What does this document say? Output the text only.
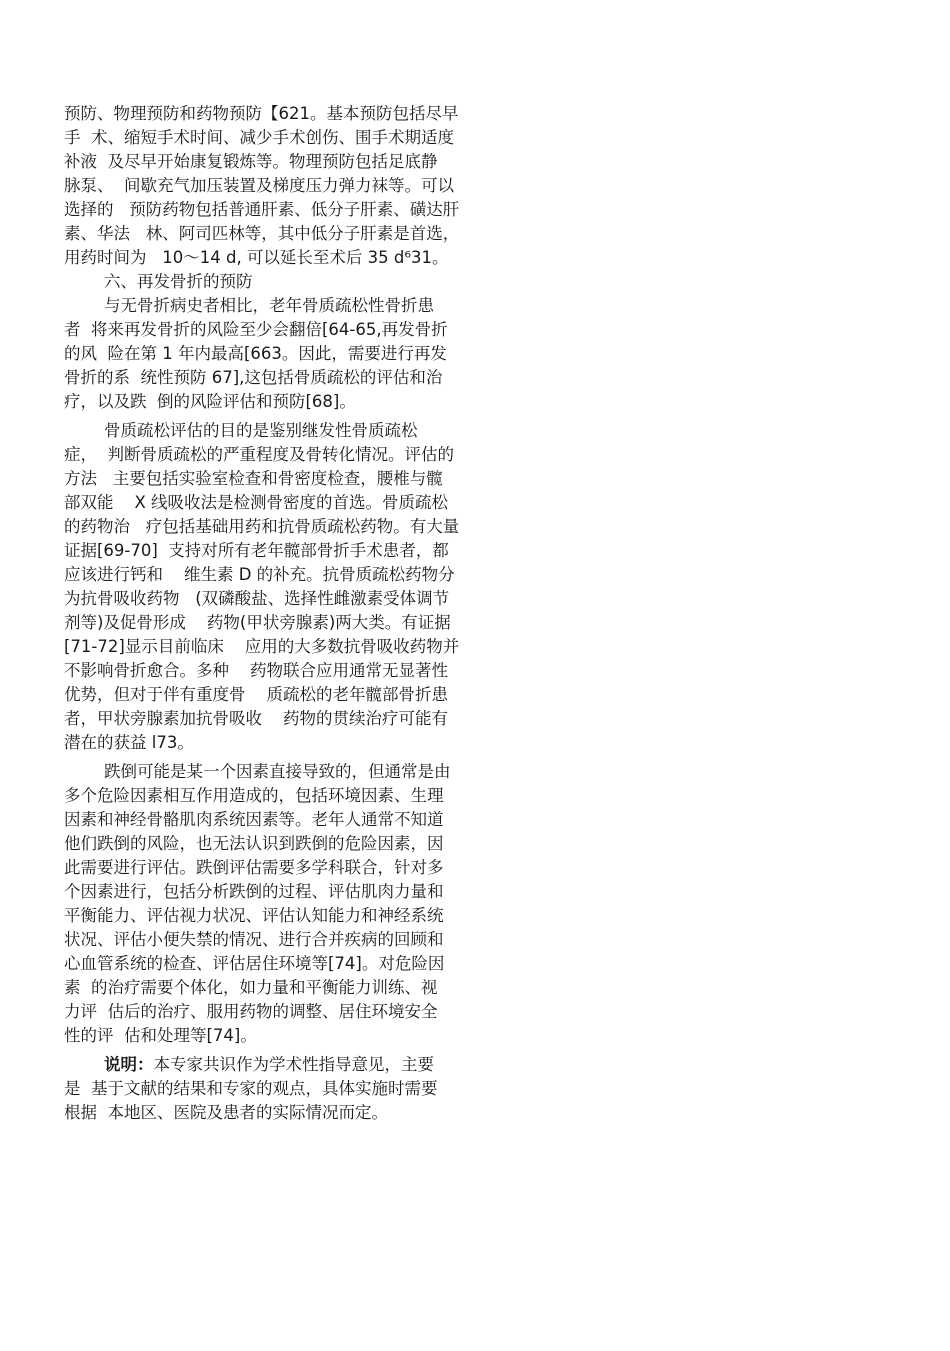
预防、物理预防和药物预防【621。基本预防包括尽早
手  术、缩短手术时间、减少手术创伤、围手术期适度
补液  及尽早开始康复锻炼等。物理预防包括足底静
脉泵、  间歇充气加压装置及梯度压力弹力袜等。可以
选择的   预防药物包括普通肝素、低分子肝素、磺达肝
素、华法   林、阿司匹林等，其中低分子肝素是首选，
用药时间为   10～14 d, 可以延长至术后 35 d⁶31。
六、再发骨折的预防
与无骨折病史者相比，老年骨质疏松性骨折患
者  将来再发骨折的风险至少会翻倍[64-65,再发骨折
的风  险在第 1 年内最高[663。因此，需要进行再发
骨折的系  统性预防 67],这包括骨质疏松的评估和治
疗，以及跌  倒的风险评估和预防[68]。
骨质疏松评估的目的是鉴别继发性骨质疏松
症，  判断骨质疏松的严重程度及骨转化情况。评估的
方法   主要包括实验室检查和骨密度检查，腰椎与髋
部双能    X 线吸收法是检测骨密度的首选。骨质疏松
的药物治   疗包括基础用药和抗骨质疏松药物。有大量
证据[69-70]  支持对所有老年髋部骨折手术患者，都
应该进行钙和    维生素 D 的补充。抗骨质疏松药物分
为抗骨吸收药物   (双磷酸盐、选择性雌激素受体调节
剂等)及促骨形成    药物(甲状旁腺素)两大类。有证据
[71-72]显示目前临床    应用的大多数抗骨吸收药物并
不影响骨折愈合。多种    药物联合应用通常无显著性
优势，但对于伴有重度骨    质疏松的老年髋部骨折患
者，甲状旁腺素加抗骨吸收    药物的贯续治疗可能有
潜在的获益 l73。
跌倒可能是某一个因素直接导致的，但通常是由
多个危险因素相互作用造成的，包括环境因素、生理
因素和神经骨骼肌肉系统因素等。老年人通常不知道
他们跌倒的风险，也无法认识到跌倒的危险因素，因
此需要进行评估。跌倒评估需要多学科联合，针对多
个因素进行，包括分析跌倒的过程、评估肌肉力量和
平衡能力、评估视力状况、评估认知能力和神经系统
状况、评估小便失禁的情况、进行合并疾病的回顾和
心血管系统的检查、评估居住环境等[74]。对危险因
素  的治疗需要个体化，如力量和平衡能力训练、视
力评  估后的治疗、服用药物的调整、居住环境安全
性的评  估和处理等[74]。
说明：本专家共识作为学术性指导意见，主要
是  基于文献的结果和专家的观点，具体实施时需要
根据  本地区、医院及患者的实际情况而定。
